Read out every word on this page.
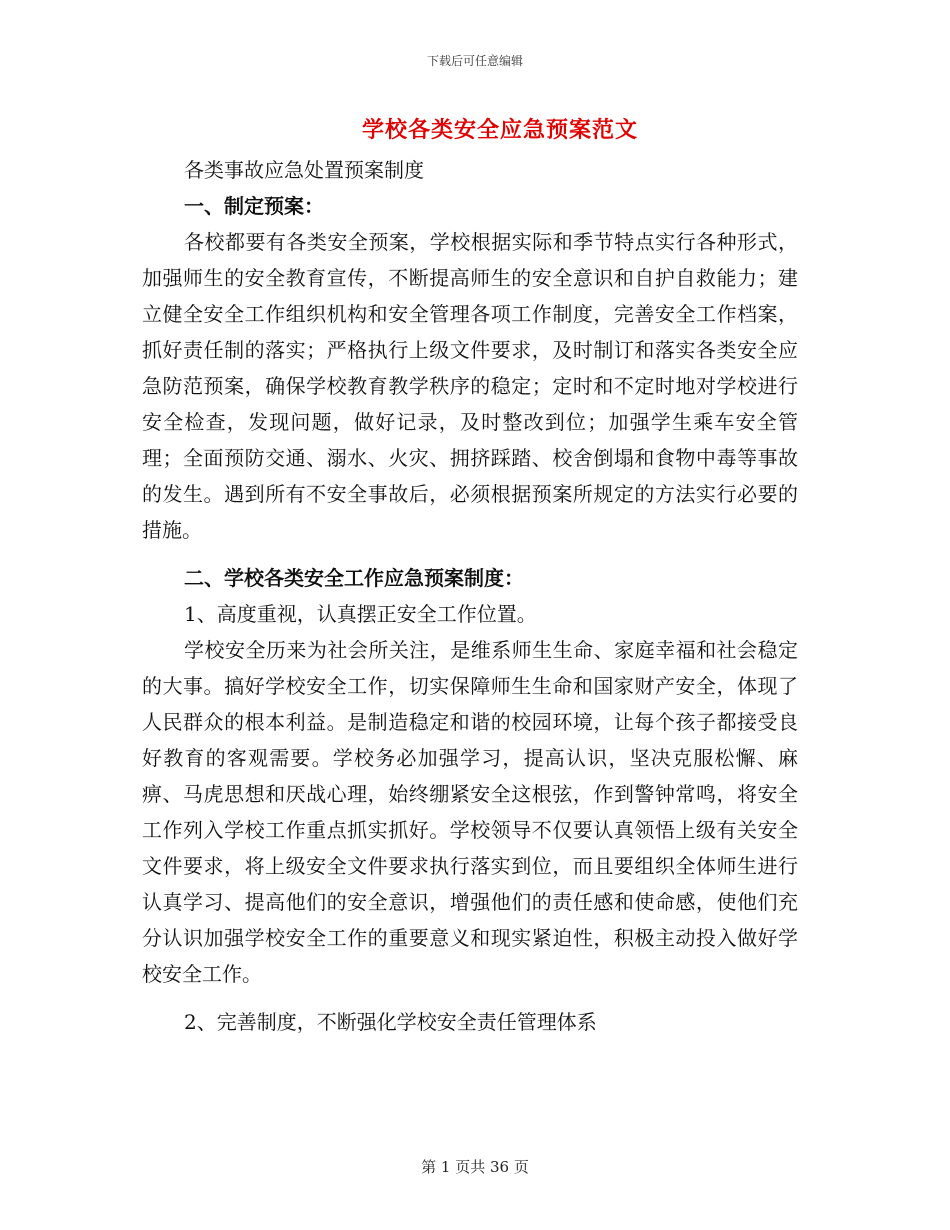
下载后可任意编辑
学校各类安全应急预案范文

各类事故应急处置预案制度

一、制定预案：

各校都要有各类安全预案，学校根据实际和季节特点实行各种形式，加强师生的安全教育宣传，不断提高师生的安全意识和自护自救能力；建立健全安全工作组织机构和安全管理各项工作制度，完善安全工作档案，抓好责任制的落实；严格执行上级文件要求，及时制订和落实各类安全应急防范预案，确保学校教育教学秩序的稳定；定时和不定时地对学校进行安全检查，发现问题，做好记录，及时整改到位；加强学生乘车安全管理；全面预防交通、溺水、火灾、拥挤踩踏、校舍倒塌和食物中毒等事故的发生。遇到所有不安全事故后，必须根据预案所规定的方法实行必要的措施。

二、学校各类安全工作应急预案制度：

1、高度重视，认真摆正安全工作位置。

学校安全历来为社会所关注，是维系师生生命、家庭幸福和社会稳定的大事。搞好学校安全工作，切实保障师生生命和国家财产安全，体现了人民群众的根本利益。是制造稳定和谐的校园环境，让每个孩子都接受良好教育的客观需要。学校务必加强学习，提高认识，坚决克服松懈、麻痹、马虎思想和厌战心理，始终绷紧安全这根弦，作到警钟常鸣，将安全工作列入学校工作重点抓实抓好。学校领导不仅要认真领悟上级有关安全文件要求，将上级安全文件要求执行落实到位，而且要组织全体师生进行认真学习、提高他们的安全意识，增强他们的责任感和使命感，使他们充分认识加强学校安全工作的重要意义和现实紧迫性，积极主动投入做好学校安全工作。

2、完善制度，不断强化学校安全责任管理体系

第 1 页共 36 页
